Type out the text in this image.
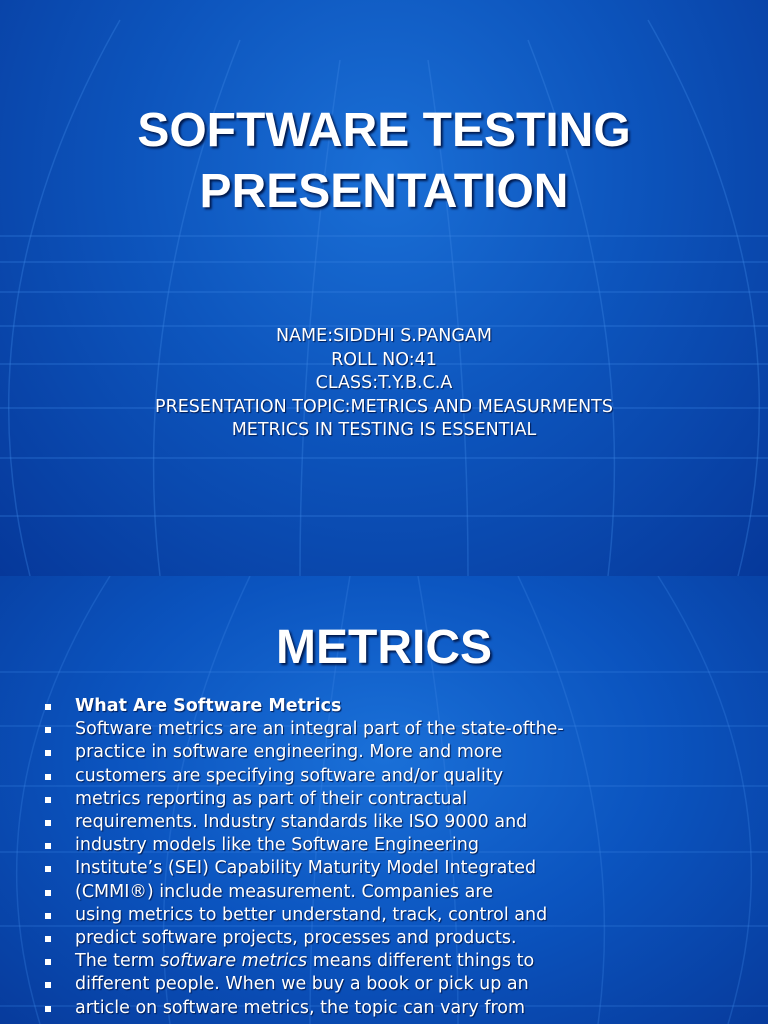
SOFTWARE TESTING
PRESENTATION
NAME:SIDDHI S.PANGAM
ROLL NO:41
CLASS:T.Y.B.C.A
PRESENTATION TOPIC:METRICS AND MEASURMENTS
METRICS IN TESTING IS ESSENTIAL
METRICS
What Are Software Metrics
Software metrics are an integral part of the state-ofthe-
practice in software engineering. More and more
customers are specifying software and/or quality
metrics reporting as part of their contractual
requirements. Industry standards like ISO 9000 and
industry models like the Software Engineering
Institute’s (SEI) Capability Maturity Model Integrated
(CMMI®) include measurement. Companies are
using metrics to better understand, track, control and
predict software projects, processes and products.
The term software metrics means different things to
different people. When we buy a book or pick up an
article on software metrics, the topic can vary from
